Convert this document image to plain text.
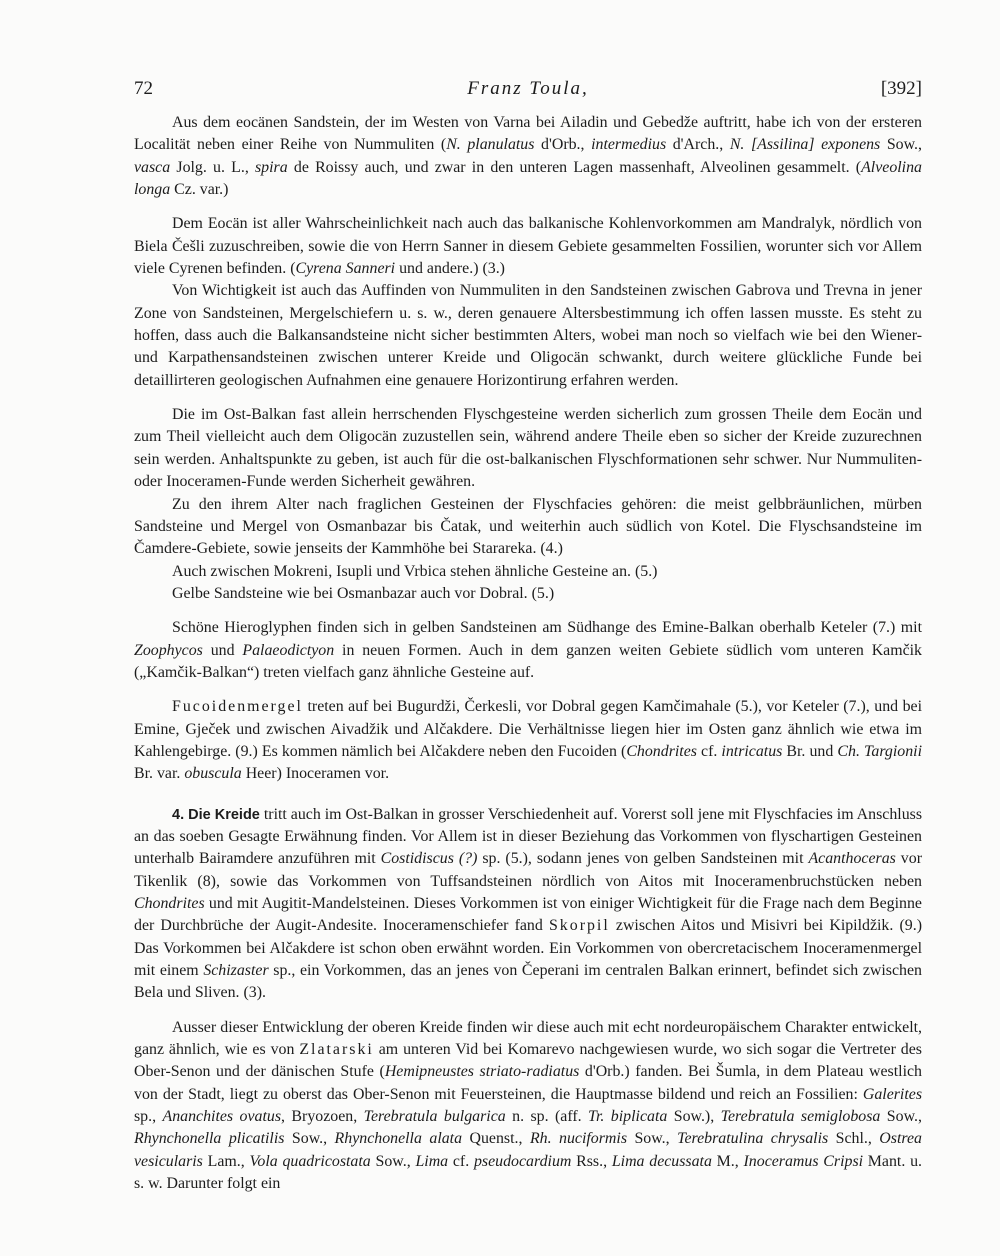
72	Franz Toula,	[392]

Aus dem eocänen Sandstein, der im Westen von Varna bei Ailadin und Gebedže auftritt, habe ich von der ersteren Localität neben einer Reihe von Nummuliten (N. planulatus d'Orb., intermedius d'Arch., N. [Assilina] exponens Sow., vasca Jolg. u. L., spira de Roissy auch, und zwar in den unteren Lagen massenhaft, Alveolinen gesammelt. (Alveolina longa Cz. var.)

Dem Eocän ist aller Wahrscheinlichkeit nach auch das balkanische Kohlenvorkommen am Mandralyk, nördlich von Biela Češli zuzuschreiben, sowie die von Herrn Sanner in diesem Gebiete gesammelten Fossilien, worunter sich vor Allem viele Cyrenen befinden. (Cyrena Sanneri und andere.) (3.)

Von Wichtigkeit ist auch das Auffinden von Nummuliten in den Sandsteinen zwischen Gabrova und Trevna in jener Zone von Sandsteinen, Mergelschiefern u. s. w., deren genauere Altersbestimmung ich offen lassen musste. Es steht zu hoffen, dass auch die Balkansandsteine nicht sicher bestimmten Alters, wobei man noch so vielfach wie bei den Wiener- und Karpathensandsteinen zwischen unterer Kreide und Oligocän schwankt, durch weitere glückliche Funde bei detaillirteren geologischen Aufnahmen eine genauere Horizontirung erfahren werden.

Die im Ost-Balkan fast allein herrschenden Flyschgesteine werden sicherlich zum grossen Theile dem Eocän und zum Theil vielleicht auch dem Oligocän zuzustellen sein, während andere Theile eben so sicher der Kreide zuzurechnen sein werden. Anhaltspunkte zu geben, ist auch für die ost-balkanischen Flyschformationen sehr schwer. Nur Nummuliten- oder Inoceramen-Funde werden Sicherheit gewähren.

Zu den ihrem Alter nach fraglichen Gesteinen der Flyschfacies gehören: die meist gelbbräunlichen, mürben Sandsteine und Mergel von Osmanbazar bis Čatak, und weiterhin auch südlich von Kotel. Die Flyschsandsteine im Čamdere-Gebiete, sowie jenseits der Kammhöhe bei Starareka. (4.)

Auch zwischen Mokreni, Isupli und Vrbica stehen ähnliche Gesteine an. (5.)

Gelbe Sandsteine wie bei Osmanbazar auch vor Dobral. (5.)

Schöne Hieroglyphen finden sich in gelben Sandsteinen am Südhange des Emine-Balkan oberhalb Keteler (7.) mit Zoophycos und Palaeodictyon in neuen Formen. Auch in dem ganzen weiten Gebiete südlich vom unteren Kamčik („Kamčik-Balkan“) treten vielfach ganz ähnliche Gesteine auf.

Fucoidenmergel treten auf bei Bugurdži, Čerkesli, vor Dobral gegen Kamčimahale (5.), vor Keteler (7.), und bei Emine, Gječek und zwischen Aivadžik und Alčakdere. Die Verhältnisse liegen hier im Osten ganz ähnlich wie etwa im Kahlengebirge. (9.) Es kommen nämlich bei Alčakdere neben den Fucoiden (Chondrites cf. intricatus Br. und Ch. Targionii Br. var. obuscula Heer) Inoceramen vor.

4. Die Kreide tritt auch im Ost-Balkan in grosser Verschiedenheit auf. Vorerst soll jene mit Flyschfacies im Anschluss an das soeben Gesagte Erwähnung finden. Vor Allem ist in dieser Beziehung das Vorkommen von flyschartigen Gesteinen unterhalb Bairamdere anzuführen mit Costidiscus (?) sp. (5.), sodann jenes von gelben Sandsteinen mit Acanthoceras vor Tikenlik (8), sowie das Vorkommen von Tuffsandsteinen nördlich von Aitos mit Inoceramenbruchstücken neben Chondrites und mit Augitit-Mandelsteinen. Dieses Vorkommen ist von einiger Wichtigkeit für die Frage nach dem Beginne der Durchbrüche der Augit-Andesite. Inoceramenschiefer fand Skorpil zwischen Aitos und Misivri bei Kipildžik. (9.) Das Vorkommen bei Alčakdere ist schon oben erwähnt worden. Ein Vorkommen von obercretacischem Inoceramenmergel mit einem Schizaster sp., ein Vorkommen, das an jenes von Čeperani im centralen Balkan erinnert, befindet sich zwischen Bela und Sliven. (3).

Ausser dieser Entwicklung der oberen Kreide finden wir diese auch mit echt nordeuropäischem Charakter entwickelt, ganz ähnlich, wie es von Zlatarski am unteren Vid bei Komarevo nachgewiesen wurde, wo sich sogar die Vertreter des Ober-Senon und der dänischen Stufe (Hemipneustes striato-radiatus d'Orb.) fanden. Bei Šumla, in dem Plateau westlich von der Stadt, liegt zu oberst das Ober-Senon mit Feuersteinen, die Hauptmasse bildend und reich an Fossilien: Galerites sp., Ananchites ovatus, Bryozoen, Terebratula bulgarica n. sp. (aff. Tr. biplicata Sow.), Terebratula semiglobosa Sow., Rhynchonella plicatilis Sow., Rhynchonella alata Quenst., Rh. nuciformis Sow., Terebratulina chrysalis Schl., Ostrea vesicularis Lam., Vola quadricostata Sow., Lima cf. pseudocardium Rss., Lima decussata M., Inoceramus Cripsi Mant. u. s. w. Darunter folgt ein
